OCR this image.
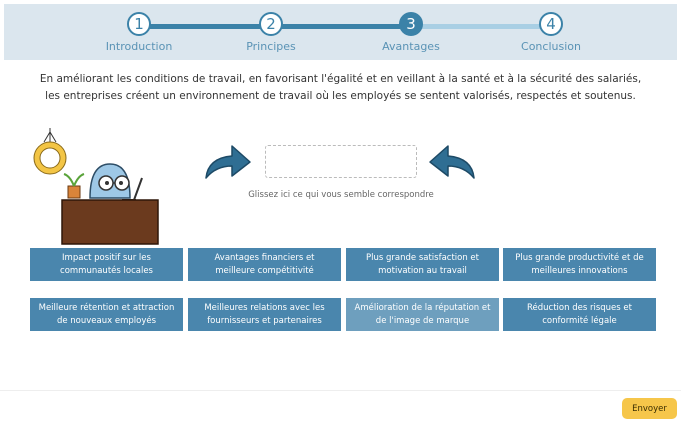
1
Introduction
2
Principes
3
Avantages
4
Conclusion
En améliorant les conditions de travail, en favorisant l'égalité et en veillant à la santé et à la sécurité des salariés,
les entreprises créent un environnement de travail où les employés se sentent valorisés, respectés et soutenus.
Glissez ici ce qui vous semble correspondre
Impact positif sur les communautés locales
Avantages financiers et meilleure compétitivité
Plus grande satisfaction et motivation au travail
Plus grande productivité et de meilleures innovations
Meilleure rétention et attraction de nouveaux employés
Meilleures relations avec les fournisseurs et partenaires
Amélioration de la réputation et de l'image de marque
Réduction des risques et conformité légale
Envoyer
